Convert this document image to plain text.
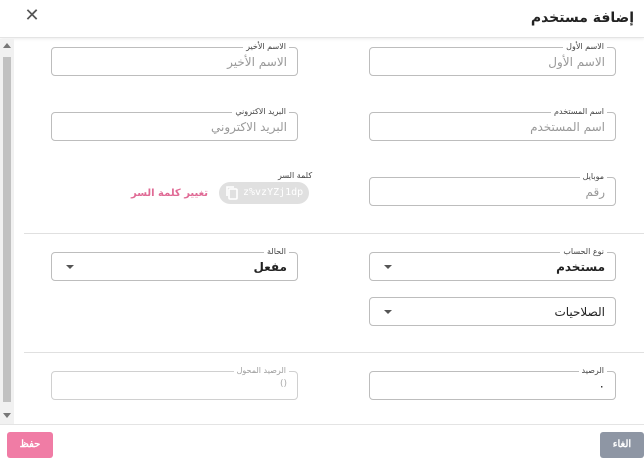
إضافة مستخدم
✕
الاسم الأول
الاسم الأول
الاسم الأخير
الاسم الأخير
اسم المستخدم
اسم المستخدم
البريد الاكتروني
البريد الاكتروني
موبايل
رقم
كلمة السر
z%vzYZj1dp
تغيير كلمة السر
نوع الحساب
مستخدم
الحالة
مفعل
الصلاحيات
الرصيد
٠
الرصيد المحول
()
حفظ	الغاء
